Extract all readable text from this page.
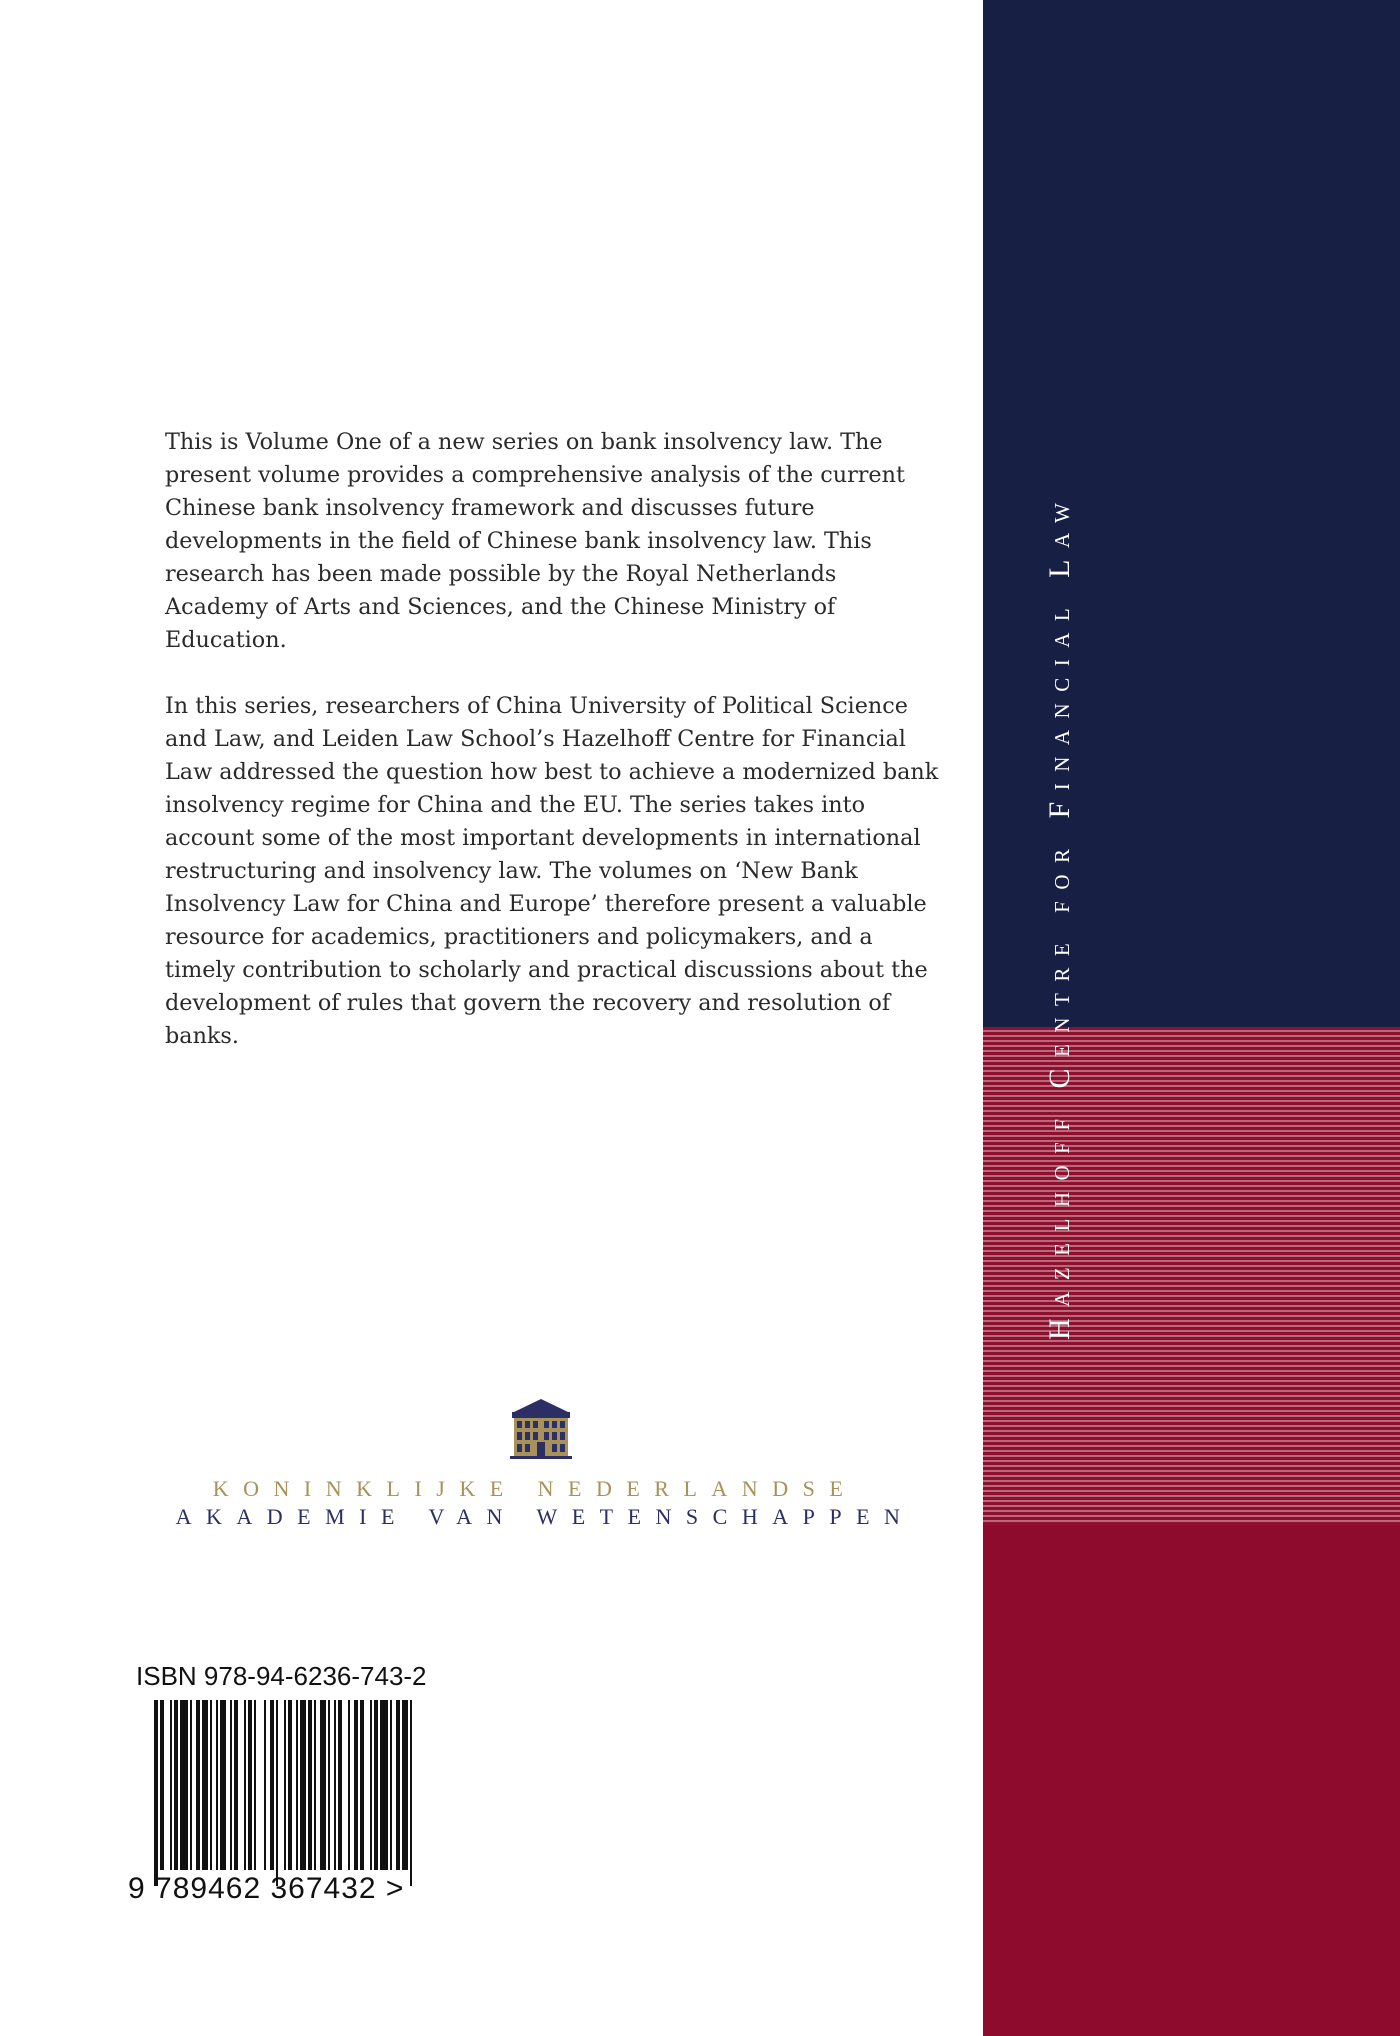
Hazelhoff Centre for Financial Law

This is Volume One of a new series on bank insolvency law. The present volume provides a comprehensive analysis of the current Chinese bank insolvency framework and discusses future developments in the field of Chinese bank insolvency law. This research has been made possible by the Royal Netherlands Academy of Arts and Sciences, and the Chinese Ministry of Education.

In this series, researchers of China University of Political Science and Law, and Leiden Law School’s Hazelhoff Centre for Financial Law addressed the question how best to achieve a modernized bank insolvency regime for China and the EU. The series takes into account some of the most important developments in international restructuring and insolvency law. The volumes on ‘New Bank Insolvency Law for China and Europe’ therefore present a valuable resource for academics, practitioners and policymakers, and a timely contribution to scholarly and practical discussions about the development of rules that govern the recovery and resolution of banks.

KONINKLIJKE NEDERLANDSE
AKADEMIE VAN WETENSCHAPPEN
ISBN 978-94-6236-743-2
9 789462 367432 >
